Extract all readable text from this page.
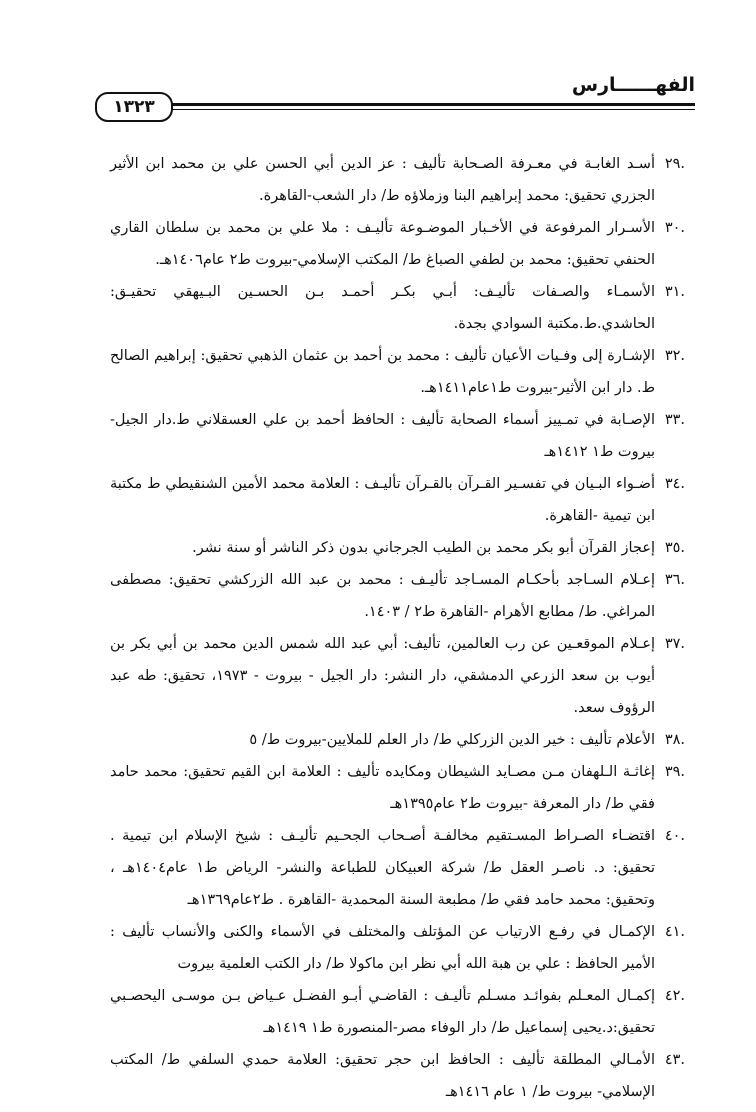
الفهــــــارس
١٣٢٣

٢٩.
أسـد الغابـة في معـرفة الصـحابة تأليف : عز الدين أبي الحسن علي بن محمد ابن الأثير الجزري تحقيق: محمد إبراهيم البنا وزملاؤه ط/ دار الشعب-القاهرة.

٣٠.
الأسـرار المرفوعة في الأخـبار الموضـوعة تأليـف : ملا علي بن محمد بن سلطان القاري الحنفي تحقيق: محمد بن لطفي الصباغ ط/ المكتب الإسلامي-بيروت ط٢ عام١٤٠٦هـ.

٣١.
الأسمـاء والصـفات تأليـف: أبـي بكـر أحمـد بـن الحسـين البـيهقي تحقيـق: الحاشدي.ط.مكتبة السوادي بجدة.

٣٢.
الإشـارة إلى وفـيات الأعيان تأليف : محمد بن أحمد بن عثمان الذهبي تحقيق: إبراهيم الصالح ط. دار ابن الأثير-بيروت ط١عام١٤١١هـ.

٣٣.
الإصـابة في تمـييز أسماء الصحابة تأليف : الحافظ أحمد بن علي العسقلاني ط.دار الجيل-بيروت ط١ ١٤١٢هـ

٣٤.
أضـواء البـيان في تفسـير القـرآن بالقـرآن تأليـف : العلامة محمد الأمين الشنقيطي ط مكتبة ابن تيمية -القاهرة.

٣٥.
إعجاز القرآن أبو بكر محمد بن الطيب الجرجاني بدون ذكر الناشر أو سنة نشر.

٣٦.
إعـلام السـاجد بأحكـام المسـاجد تأليـف : محمد بن عبد الله الزركشي تحقيق: مصطفى المراغي. ط/ مطابع الأهرام -القاهرة ط٢ / ١٤٠٣.

٣٧.
إعـلام الموقعـين عن رب العالمين، تأليف: أبي عبد الله شمس الدين محمد بن أبي بكر بن أيوب بن سعد الزرعي الدمشقي، دار النشر: دار الجيل - بيروت - ١٩٧٣، تحقيق: طه عبد الرؤوف سعد.

٣٨.
الأعلام تأليف : خير الدين الزركلي ط/ دار العلم للملايين-بيروت ط/ ٥

٣٩.
إغاثـة الـلهفان مـن مصـايد الشيطان ومكايده تأليف : العلامة ابن القيم تحقيق: محمد حامد فقي ط/ دار المعرفة -بيروت ط٢ عام١٣٩٥هـ

٤٠.
اقتضـاء الصـراط المسـتقيم مخالفـة أصـحاب الجحـيم تأليـف : شيخ الإسلام ابن تيمية . تحقيق: د. ناصـر العقل ط/ شركة العبيكان للطباعة والنشر- الرياض ط١ عام١٤٠٤هـ ، وتحقيق: محمد حامد فقي ط/ مطبعة السنة المحمدية -القاهرة . ط٢عام١٣٦٩هـ

٤١.
الإكمـال في رفـع الارتياب عن المؤتلف والمختلف في الأسماء والكنى والأنساب تأليف : الأمير الحافظ : علي بن هبة الله أبي نظر ابن ماكولا ط/ دار الكتب العلمية بيروت

٤٢.
إكمـال المعـلم بفوائـد مسـلم تأليـف : القاضـي أبـو الفضـل عـياض بـن موسـى اليحصـبي تحقيق:د.يحيى إسماعيل ط/ دار الوفاء مصر-المنصورة ط١ ١٤١٩هـ

٤٣.
الأمـالي المطلقة تأليف : الحافظ ابن حجر تحقيق: العلامة حمدي السلفي ط/ المكتب الإسلامي- بيروت ط/ ١ عام ١٤١٦هـ
